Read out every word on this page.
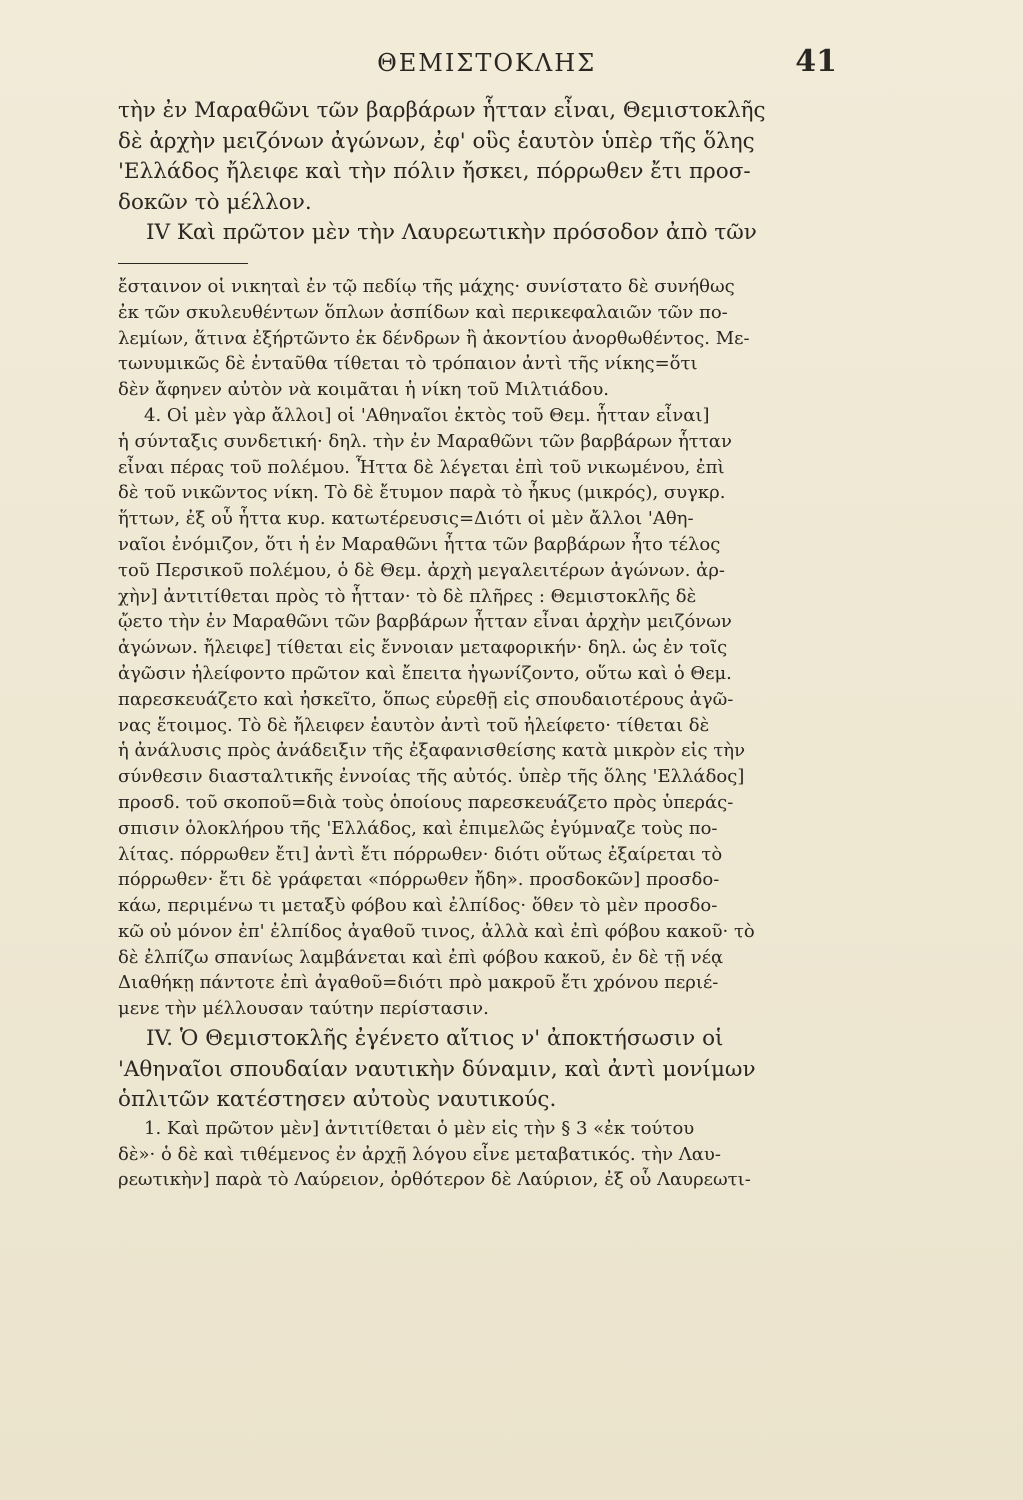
ΘΕΜΙΣΤΟΚΛΗΣ	41

τὴν ἐν Μαραθῶνι τῶν βαρβάρων ἧτταν εἶναι, Θεμιστοκλῆς
δὲ ἀρχὴν μειζόνων ἀγώνων, ἐφ' οὓς ἑαυτὸν ὑπὲρ τῆς ὅλης
'Ελλάδος ἤλειφε καὶ τὴν πόλιν ἤσκει, πόρρωθεν ἔτι προσ-
δοκῶν τὸ μέλλον.

IV Καὶ πρῶτον μὲν τὴν Λαυρεωτικὴν πρόσοδον ἀπὸ τῶν

ἔσταινον οἱ νικηταὶ ἐν τῷ πεδίῳ τῆς μάχης· συνίστατο δὲ συνήθως
ἐκ τῶν σκυλευθέντων ὅπλων ἀσπίδων καὶ περικεφαλαιῶν τῶν πο-
λεμίων, ἅτινα ἐξήρτῶντο ἐκ δένδρων ἢ ἀκοντίου ἀνορθωθέντος. Με-
τωνυμικῶς δὲ ἐνταῦθα τίθεται τὸ τρόπαιον ἀντὶ τῆς νίκης=ὅτι
δὲν ἄφηνεν αὐτὸν νὰ κοιμᾶται ἡ νίκη τοῦ Μιλτιάδου.

4. Οἱ μὲν γὰρ ἄλλοι] οἱ 'Αθηναῖοι ἐκτὸς τοῦ Θεμ. ἧτταν εἶναι]
ἡ σύνταξις συνδετική· δηλ. τὴν ἐν Μαραθῶνι τῶν βαρβάρων ἧτταν
εἶναι πέρας τοῦ πολέμου. Ἧττα δὲ λέγεται ἐπὶ τοῦ νικωμένου, ἐπὶ
δὲ τοῦ νικῶντος νίκη. Τὸ δὲ ἔτυμον παρὰ τὸ ἦκυς (μικρός), συγκρ.
ἥττων, ἐξ οὗ ἧττα κυρ. κατωτέρευσις=Διότι οἱ μὲν ἄλλοι 'Αθη-
ναῖοι ἐνόμιζον, ὅτι ἡ ἐν Μαραθῶνι ἧττα τῶν βαρβάρων ἦτο τέλος
τοῦ Περσικοῦ πολέμου, ὁ δὲ Θεμ. ἀρχὴ μεγαλειτέρων ἀγώνων. ἀρ-
χὴν] ἀντιτίθεται πρὸς τὸ ἧτταν· τὸ δὲ πλῆρες : Θεμιστοκλῆς δὲ
ᾤετο τὴν ἐν Μαραθῶνι τῶν βαρβάρων ἧτταν εἶναι ἀρχὴν μειζόνων
ἀγώνων. ἤλειφε] τίθεται εἰς ἔννοιαν μεταφορικήν· δηλ. ὡς ἐν τοῖς
ἀγῶσιν ἠλείφοντο πρῶτον καὶ ἔπειτα ἠγωνίζοντο, οὕτω καὶ ὁ Θεμ.
παρεσκευάζετο καὶ ἠσκεῖτο, ὅπως εὑρεθῇ εἰς σπουδαιοτέρους ἀγῶ-
νας ἕτοιμος. Τὸ δὲ ἤλειφεν ἑαυτὸν ἀντὶ τοῦ ἠλείφετο· τίθεται δὲ
ἡ ἀνάλυσις πρὸς ἀνάδειξιν τῆς ἐξαφανισθείσης κατὰ μικρὸν εἰς τὴν
σύνθεσιν διασταλτικῆς ἐννοίας τῆς αὐτός. ὑπὲρ τῆς ὅλης 'Ελλάδος]
προσδ. τοῦ σκοποῦ=διὰ τοὺς ὁποίους παρεσκευάζετο πρὸς ὑπεράς-
σπισιν ὁλοκλήρου τῆς 'Ελλάδος, καὶ ἐπιμελῶς ἐγύμναζε τοὺς πο-
λίτας. πόρρωθεν ἔτι] ἀντὶ ἔτι πόρρωθεν· διότι οὕτως ἐξαίρεται τὸ
πόρρωθεν· ἔτι δὲ γράφεται «πόρρωθεν ἤδη». προσδοκῶν] προσδο-
κάω, περιμένω τι μεταξὺ φόβου καὶ ἐλπίδος· ὅθεν τὸ μὲν προσδο-
κῶ οὐ μόνον ἐπ' ἐλπίδος ἀγαθοῦ τινος, ἀλλὰ καὶ ἐπὶ φόβου κακοῦ· τὸ
δὲ ἐλπίζω σπανίως λαμβάνεται καὶ ἐπὶ φόβου κακοῦ, ἐν δὲ τῇ νέᾳ
Διαθήκῃ πάντοτε ἐπὶ ἀγαθοῦ=διότι πρὸ μακροῦ ἔτι χρόνου περιέ-
μενε τὴν μέλλουσαν ταύτην περίστασιν.

IV. Ὁ Θεμιστοκλῆς ἐγένετο αἴτιος ν' ἀποκτήσωσιν οἱ
'Αθηναῖοι σπουδαίαν ναυτικὴν δύναμιν, καὶ ἀντὶ μονίμων
ὁπλιτῶν κατέστησεν αὐτοὺς ναυτικούς.

1. Καὶ πρῶτον μὲν] ἀντιτίθεται ὁ μὲν εἰς τὴν § 3 «ἐκ τούτου
δὲ»· ὁ δὲ καὶ τιθέμενος ἐν ἀρχῇ λόγου εἶνε μεταβατικός. τὴν Λαυ-
ρεωτικὴν] παρὰ τὸ Λαύρειον, ὀρθότερον δὲ Λαύριον, ἐξ οὗ Λαυρεωτι-
